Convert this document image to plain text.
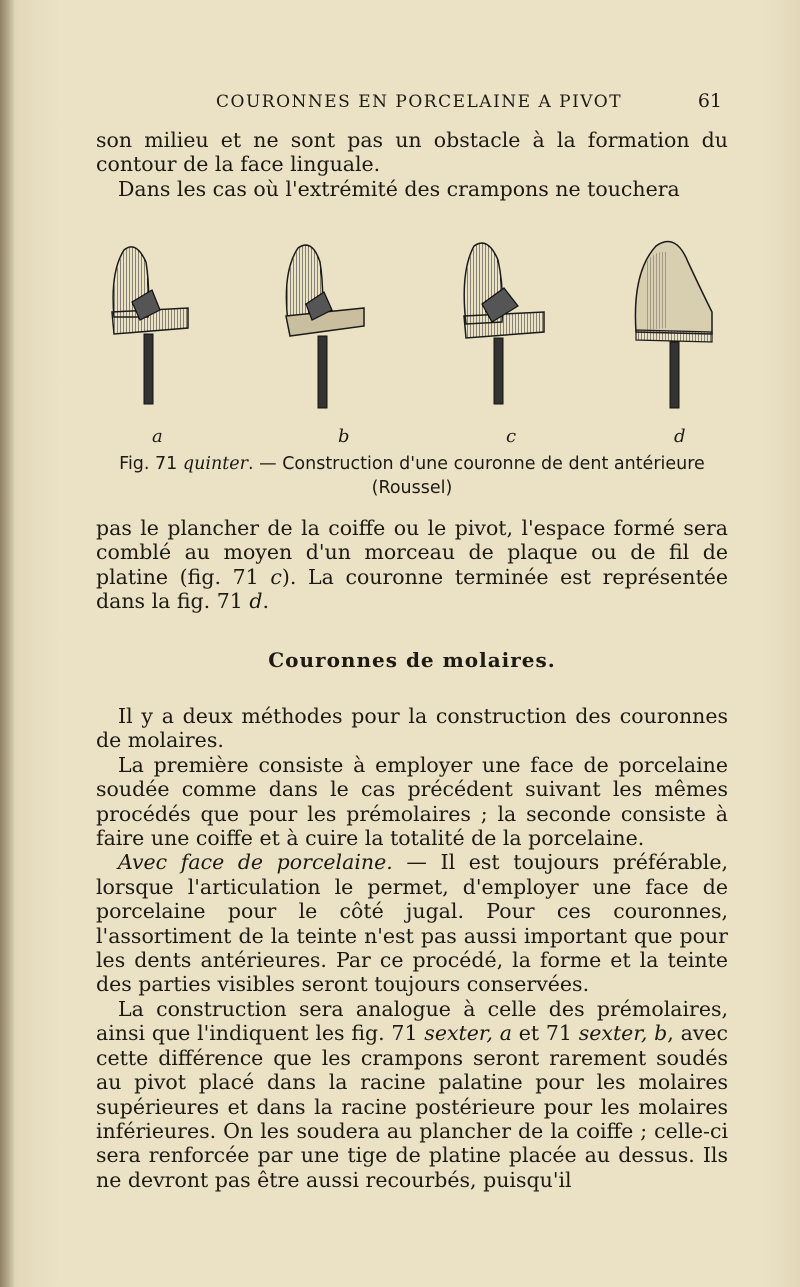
COURONNES EN PORCELAINE A PIVOT	61

son milieu et ne sont pas un obstacle à la formation du contour de la face linguale.

Dans les cas où l'extrémité des crampons ne touchera

a	b	c	d
Fig. 71 quinter. — Construction d'une couronne de dent antérieure (Roussel)

pas le plancher de la coiffe ou le pivot, l'espace formé sera comblé au moyen d'un morceau de plaque ou de fil de platine (fig. 71 c). La couronne terminée est représentée dans la fig. 71 d.

Couronnes de molaires.

Il y a deux méthodes pour la construction des couronnes de molaires.

La première consiste à employer une face de porcelaine soudée comme dans le cas précédent suivant les mêmes procédés que pour les prémolaires ; la seconde consiste à faire une coiffe et à cuire la totalité de la porcelaine.

Avec face de porcelaine. — Il est toujours préférable, lorsque l'articulation le permet, d'employer une face de porcelaine pour le côté jugal. Pour ces couronnes, l'assortiment de la teinte n'est pas aussi important que pour les dents antérieures. Par ce procédé, la forme et la teinte des parties visibles seront toujours conservées.

La construction sera analogue à celle des prémolaires, ainsi que l'indiquent les fig. 71 sexter, a et 71 sexter, b, avec cette différence que les crampons seront rarement soudés au pivot placé dans la racine palatine pour les molaires supérieures et dans la racine postérieure pour les molaires inférieures. On les soudera au plancher de la coiffe ; celle-ci sera renforcée par une tige de platine placée au dessus. Ils ne devront pas être aussi recourbés, puisqu'il
